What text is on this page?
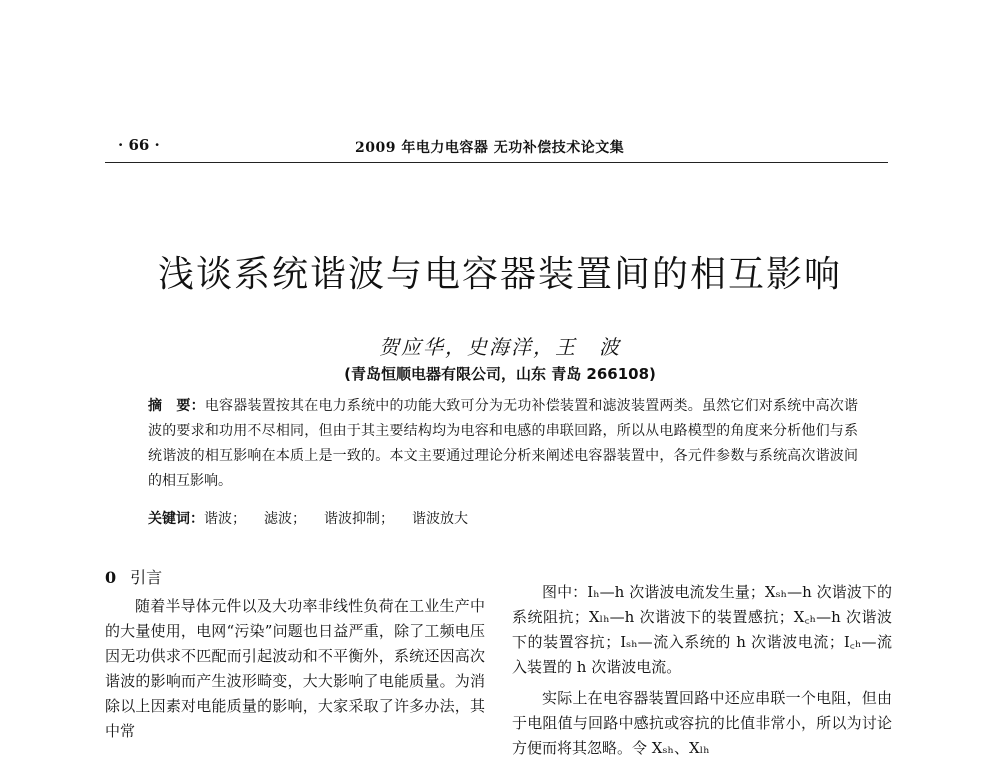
· 66 ·	2009 年电力电容器 无功补偿技术论文集
浅谈系统谐波与电容器装置间的相互影响
贺应华，史海洋，王　波
(青岛恒顺电器有限公司，山东 青岛 266108)
摘　要：电容器装置按其在电力系统中的功能大致可分为无功补偿装置和滤波装置两类。虽然它们对系统中高次谐波的要求和功用不尽相同，但由于其主要结构均为电容和电感的串联回路，所以从电路模型的角度来分析他们与系统谐波的相互影响在本质上是一致的。本文主要通过理论分析来阐述电容器装置中，各元件参数与系统高次谐波间的相互影响。
关键词：谐波； 滤波； 谐波抑制； 谐波放大
0 引言

随着半导体元件以及大功率非线性负荷在工业生产中的大量使用，电网“污染”问题也日益严重，除了工频电压因无功供求不匹配而引起波动和不平衡外，系统还因高次谐波的影响而产生波形畸变，大大影响了电能质量。为消除以上因素对电能质量的影响，大家采取了许多办法，其中常

图中：Iₕ—h 次谐波电流发生量；Xₛₕ—h 次谐波下的系统阻抗；Xₗₕ—h 次谐波下的装置感抗；X꜀ₕ—h 次谐波下的装置容抗；Iₛₕ—流入系统的 h 次谐波电流；I꜀ₕ—流入装置的 h 次谐波电流。

实际上在电容器装置回路中还应串联一个电阻，但由于电阻值与回路中感抗或容抗的比值非常小，所以为讨论方便而将其忽略。令 Xₛₕ、Xₗₕ
